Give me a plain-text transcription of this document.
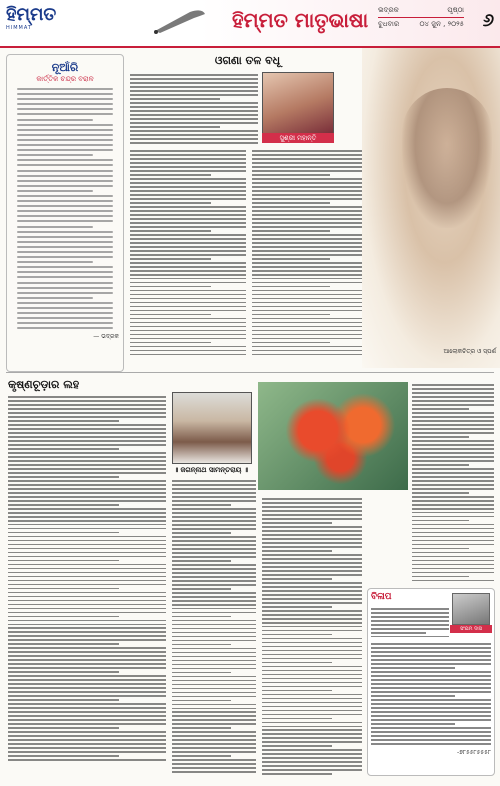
ହିମ୍ମତ
HIMMAT	ହିମ୍ମତ ମାତୃଭାଷା ଭଦ୍ରକ	ପୃଷ୍ଠା
ବୁଧବାର	୦୪ ଜୁନ , ୨୦୨୫ ୬
ନୂଆଁରି
କାର୍ତ୍ତିକ ଚନ୍ଦ୍ର ବରାଳ
— ଭଦ୍ରକ
ଓଗଣା ତଳ ବଧୂ
ସୁଶ୍ରୀ ମହାନ୍ତି
ଆଲୋକଚିତ୍ର ଓ ସ୍ପର୍ଶ
କୃଷ୍ଣଚୂଡ଼ାର ଲହ
॥ ଜଗନ୍ନାଥ ସାମନ୍ତରାୟ ॥
ବିଳାପ
ସଂଯମ ଦାସ
-୭୮୫୫୮୫୫୫୮
